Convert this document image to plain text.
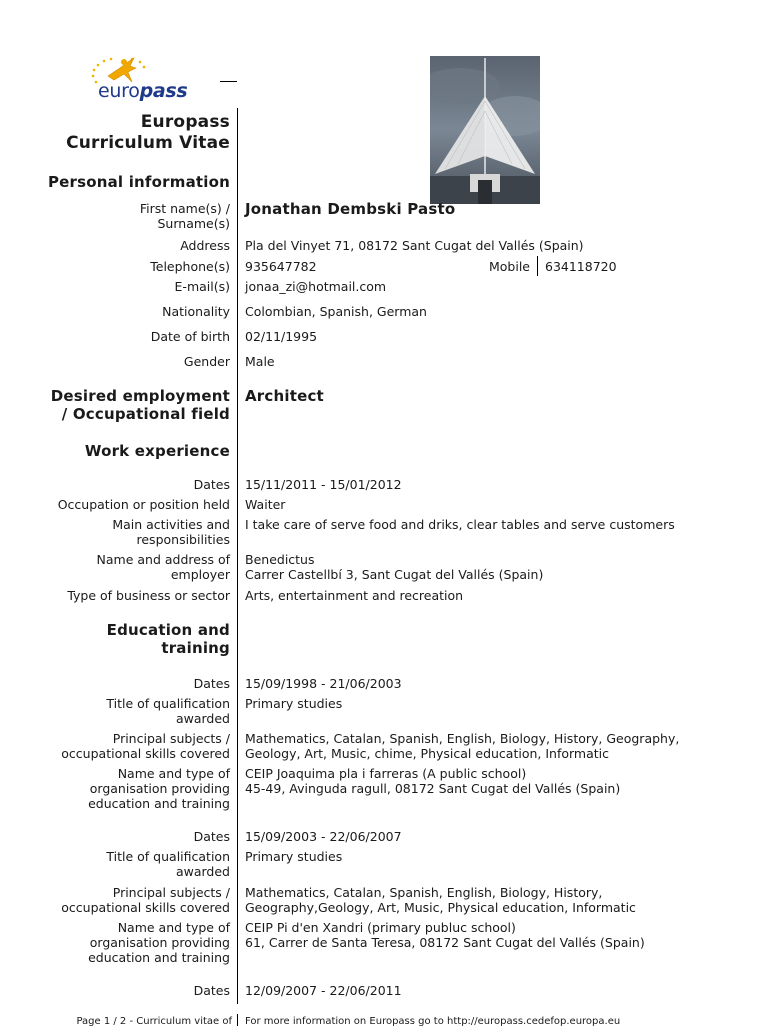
europass
Europass
Curriculum Vitae
Personal information
First name(s) /
Surname(s)
Jonathan Dembski Pasto
Address Pla del Vinyet 71, 08172 Sant Cugat del Vallés (Spain)
Telephone(s) 935647782	Mobile 634118720
E-mail(s) jonaa_zi@hotmail.com
Nationality Colombian, Spanish, German
Date of birth 02/11/1995
Gender Male
Desired employment
/ Occupational field
Architect
Work experience
Dates 15/11/2011 - 15/01/2012
Occupation or position held Waiter
Main activities and
responsibilities
I take care of serve food and driks, clear tables and serve customers
Name and address of
employer
Benedictus
Carrer Castellbí 3, Sant Cugat del Vallés (Spain)
Type of business or sector Arts, entertainment and recreation
Education and
training
Dates 15/09/1998 - 21/06/2003
Title of qualification
awarded
Primary studies
Principal subjects /
occupational skills covered
Mathematics, Catalan, Spanish, English, Biology, History, Geography,
Geology, Art, Music, chime, Physical education, Informatic
Name and type of
organisation providing
education and training
CEIP Joaquima pla i farreras (A public school)
45-49, Avinguda ragull, 08172 Sant Cugat del Vallés (Spain)
Dates 15/09/2003 - 22/06/2007
Title of qualification
awarded
Primary studies
Principal subjects /
occupational skills covered
Mathematics, Catalan, Spanish, English, Biology, History,
Geography,Geology, Art, Music, Physical education, Informatic
Name and type of
organisation providing
education and training
CEIP Pi d'en Xandri (primary publuc school)
61, Carrer de Santa Teresa, 08172 Sant Cugat del Vallés (Spain)
Dates 12/09/2007 - 22/06/2011
Page 1 / 2 - Curriculum vitae of For more information on Europass go to http://europass.cedefop.europa.eu
